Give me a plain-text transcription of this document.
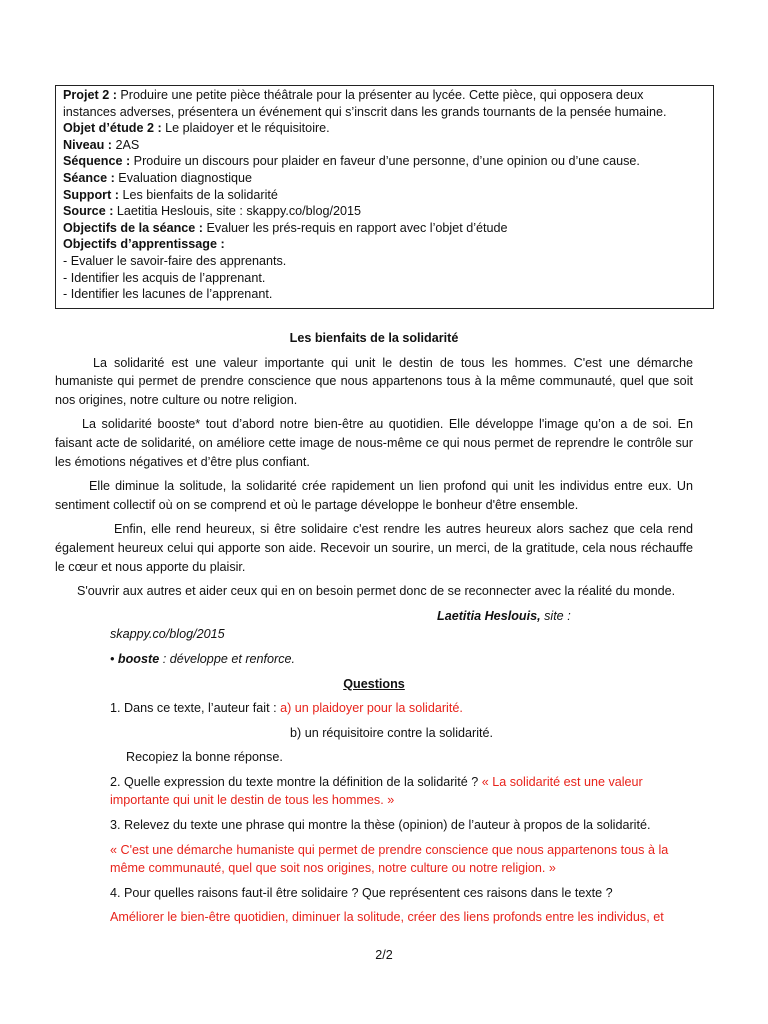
Projet 2 : Produire une petite pièce théâtrale pour la présenter au lycée. Cette pièce, qui opposera deux
instances adverses, présentera un événement qui s’inscrit dans les grands tournants de la pensée humaine.
Objet d’étude 2 : Le plaidoyer et le réquisitoire.
Niveau : 2AS
Séquence : Produire un discours pour plaider en faveur d’une personne, d’une opinion ou d’une cause.
Séance : Evaluation diagnostique
Support : Les bienfaits de la solidarité
Source : Laetitia Heslouis, site : skappy.co/blog/2015
Objectifs de la séance : Evaluer les prés-requis en rapport avec l’objet d’étude
Objectifs d’apprentissage :
- Evaluer le savoir-faire des apprenants.
- Identifier les acquis de l’apprenant.
- Identifier les lacunes de l’apprenant.
Les bienfaits de la solidarité

La solidarité est une valeur importante qui unit le destin de tous les hommes. C'est une démarche humaniste qui permet de prendre conscience que nous appartenons tous à la même communauté, quel que soit nos origines, notre culture ou notre religion.

La solidarité booste* tout d’abord notre bien-être au quotidien. Elle développe l'image qu’on a de soi. En faisant acte de solidarité, on améliore cette image de nous-même ce qui nous permet de reprendre le contrôle sur les émotions négatives et d’être plus confiant.

Elle diminue la solitude, la solidarité crée rapidement un lien profond qui unit les individus entre eux. Un sentiment collectif où on se comprend et où le partage développe le bonheur d'être ensemble.

Enfin, elle rend heureux, si être solidaire c'est rendre les autres heureux alors sachez que cela rend également heureux celui qui apporte son aide. Recevoir un sourire, un merci, de la gratitude, cela nous réchauffe le cœur et nous apporte du plaisir.

S'ouvrir aux autres et aider ceux qui en on besoin permet donc de se reconnecter avec la réalité du monde.

Laetitia Heslouis, site :

skappy.co/blog/2015

• booste : développe et renforce.

Questions

1. Dans ce texte, l’auteur fait : a) un plaidoyer pour la solidarité.

b) un réquisitoire contre la solidarité.

Recopiez la bonne réponse.

2. Quelle expression du texte montre la définition de la solidarité ? « La solidarité est une valeur importante qui unit le destin de tous les hommes. »

3. Relevez du texte une phrase qui montre la thèse (opinion) de l’auteur à propos de la solidarité.

« C'est une démarche humaniste qui permet de prendre conscience que nous appartenons tous à la même communauté, quel que soit nos origines, notre culture ou notre religion. »

4. Pour quelles raisons faut-il être solidaire ? Que représentent ces raisons dans le texte ?

Améliorer le bien-être quotidien, diminuer la solitude, créer des liens profonds entre les individus, et

2/2
